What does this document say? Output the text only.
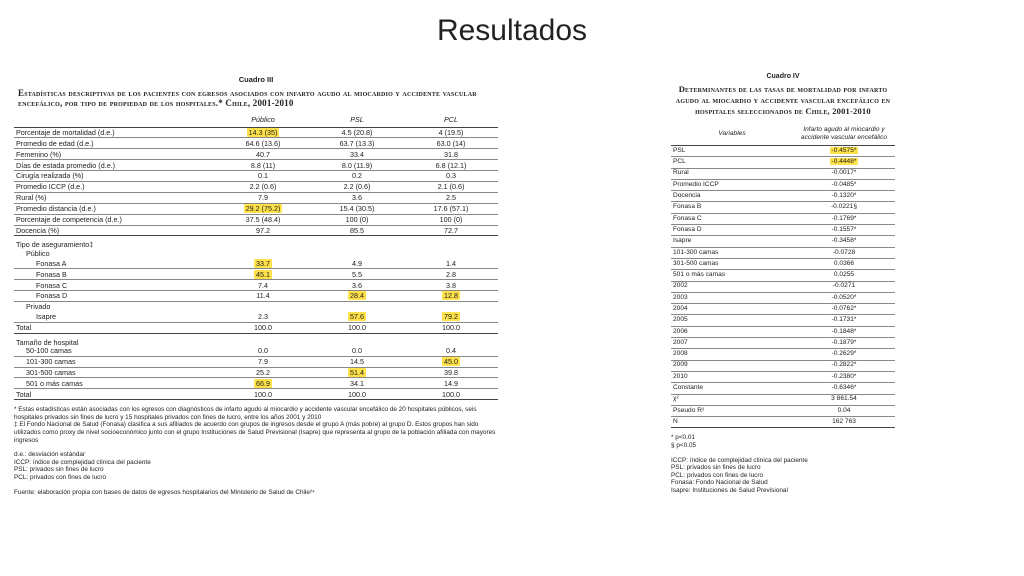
Resultados
Cuadro III
Estadísticas descriptivas de los pacientes con egresos asociados con infarto agudo al miocardio y accidente vascular encefálico, por tipo de propiedad de los hospitales.* Chile, 2001-2010
	Público	PSL	PCL
Porcentaje de mortalidad (d.e.)	14.3 (35)	4.5 (20.8)	4 (19.5)
Promedio de edad (d.e.)	64.6 (13.6)	63.7 (13.3)	63.0 (14)
Femenino (%)	40.7	33.4	31.8
Días de estada promedio (d.e.)	8.8 (11)	8.0 (11.9)	6.8 (12.1)
Cirugía realizada (%)	0.1	0.2	0.3
Promedio ICCP (d.e.)	2.2 (0.6)	2.2 (0.6)	2.1 (0.6)
Rural (%)	7.9	3.6	2.5
Promedio distancia (d.e.)	29.2 (75.2)	15.4 (30.5)	17.6 (57.1)
Porcentaje de competencia (d.e.)	37.5 (48.4)	100 (0)	100 (0)
Docencia (%)	97.2	85.5	72.7
Tipo de aseguramiento‡			
Público			
Fonasa A	33.7	4.9	1.4
Fonasa B	45.1	5.5	2.8
Fonasa C	7.4	3.6	3.8
Fonasa D	11.4	28.4	12.8
Privado			
Isapre	2.3	57.6	79.2
Total	100.0	100.0	100.0
Tamaño de hospital			
50-100 camas	0.0	0.0	0.4
101-300 camas	7.9	14.5	45.0
301-500 camas	25.2	51.4	39.8
501 o más camas	66.9	34.1	14.9
Total	100.0	100.0	100.0

* Estas estadísticas están asociadas con los egresos con diagnósticos de infarto agudo al miocardio y accidente vascular encefálico de 20 hospitales públicos, seis hospitales privados sin fines de lucro y 15 hospitales privados con fines de lucro, entre los años 2001 y 2010

‡ El Fondo Nacional de Salud (Fonasa) clasifica a sus afiliados de acuerdo con grupos de ingresos desde el grupo A (más pobre) al grupo D. Estos grupos han sido utilizados como proxy de nivel socioeconómico junto con el grupo Instituciones de Salud Previsional (Isapre) que representa al grupo de la población afiliada con mayores ingresos

d.e.: desviación estándar

ICCP: índice de complejidad clínica del paciente

PSL: privados sin fines de lucro

PCL: privados con fines de lucro

Fuente: elaboración propia con bases de datos de egresos hospitalarios del Ministerio de Salud de Chile²⁴

Cuadro IV
Determinantes de las tasas de mortalidad por infarto agudo al miocardio y accidente vascular encefálico en hospitales seleccionados de Chile, 2001-2010
Variables	Infarto agudo al miocardio y accidente vascular encefálico
PSL	-0.4575*
PCL	-0.4448*
Rural	-0.0017*
Promedio ICCP	-0.0485*
Docencia	-0.1320*
Fonasa B	-0.0221§
Fonasa C	-0.1769*
Fonasa D	-0.1557*
Isapre	-0.3458*
101-300 camas	-0.0728
301-500 camas	0.0366
501 o más camas	0.0255
2002	-0.0271
2003	-0.0520*
2004	-0.0762*
2005	-0.1731*
2006	-0.1848*
2007	-0.1879*
2008	-0.2629*
2009	-0.2822*
2010	-0.2380*
Constante	-0.6346*
χ²	3 861.54
Pseudo R²	0.04
N	162 763

* p<0.01

§ p<0.05

ICCP: índice de complejidad clínica del paciente

PSL: privados sin fines de lucro

PCL: privados con fines de lucro

Fonasa: Fondo Nacional de Salud

Isapre: Instituciones de Salud Previsional
